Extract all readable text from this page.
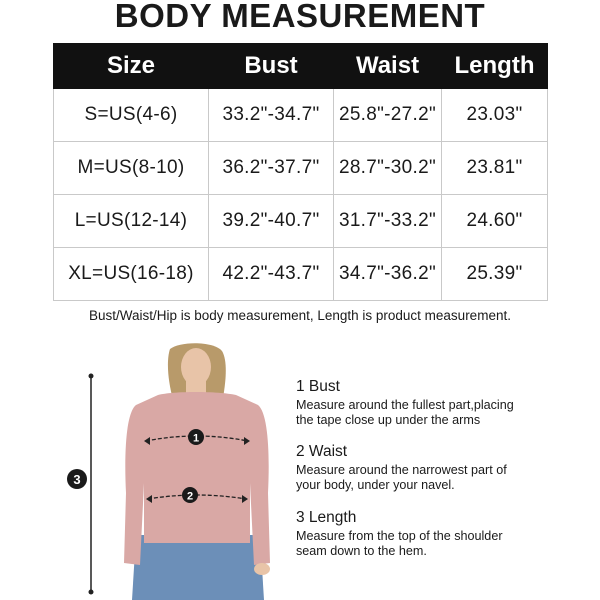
BODY MEASUREMENT
Size	Bust	Waist	Length
S=US(4-6)	33.2"-34.7"	25.8"-27.2"	23.03"
M=US(8-10)	36.2"-37.7"	28.7"-30.2"	23.81"
L=US(12-14)	39.2"-40.7"	31.7"-33.2"	24.60"
XL=US(16-18)	42.2"-43.7"	34.7"-36.2"	25.39"
Bust/Waist/Hip is body measurement, Length is product measurement.
3
1
2
1 Bust
Measure around the fullest part,placing
the tape close up under the arms
2 Waist
Measure around the narrowest part of
your body, under your navel.
3 Length
Measure from the top of the shoulder
seam down to the hem.
